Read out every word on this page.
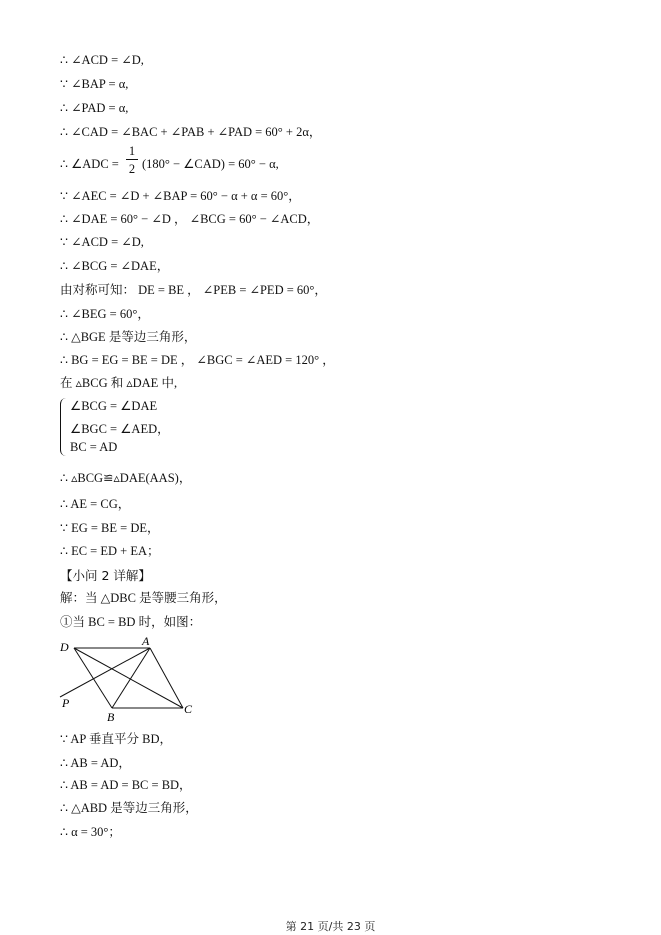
∴ ∠ACD = ∠D,
∵ ∠BAP = α,
∴ ∠PAD = α,
∴ ∠CAD = ∠BAC + ∠PAB + ∠PAD = 60° + 2α，
∴ ∠ADC =
1
2 (180° − ∠CAD) = 60° − α,
∵ ∠AEC = ∠D + ∠BAP = 60° − α + α = 60°，
∴ ∠DAE = 60° − ∠D ， ∠BCG = 60° − ∠ACD，
∵ ∠ACD = ∠D,
∴ ∠BCG = ∠DAE，
由对称可知： DE = BE ， ∠PEB = ∠PED = 60°，
∴ ∠BEG = 60°，
∴ △BGE 是等边三角形，
∴ BG = EG = BE = DE ， ∠BGC = ∠AED = 120° ，
在 ▵BCG 和 ▵DAE 中,
∠BCG = ∠DAE
∠BGC = ∠AED，
BC = AD
∴ ▵BCG≌▵DAE(AAS)，
∴ AE = CG，
∵ EG = BE = DE，
∴ EC = ED + EA；
【小问 2 详解】
解：当 △DBC 是等腰三角形，
①当 BC = BD 时，如图：
D	A
P
B
C
∵ AP 垂直平分 BD，
∴ AB = AD，
∴ AB = AD = BC = BD，
∴ △ABD 是等边三角形，
∴ α = 30°；
第 21 页/共 23 页
